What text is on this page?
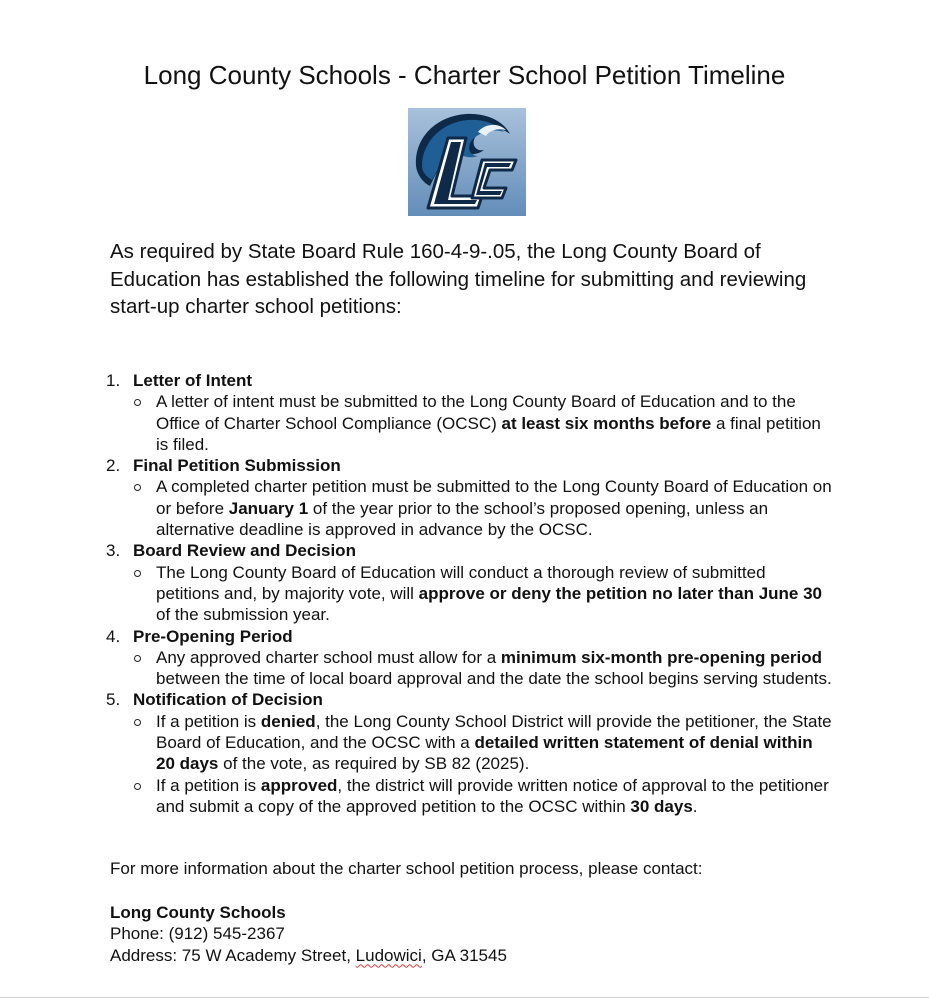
Long County Schools - Charter School Petition Timeline

As required by State Board Rule 160-4-9-.05, the Long County Board of Education has established the following timeline for submitting and reviewing start-up charter school petitions:

1. Letter of Intent
A letter of intent must be submitted to the Long County Board of Education and to the Office of Charter School Compliance (OCSC) at least six months before a final petition is filed.
2. Final Petition Submission
A completed charter petition must be submitted to the Long County Board of Education on or before January 1 of the year prior to the school’s proposed opening, unless an alternative deadline is approved in advance by the OCSC.
3. Board Review and Decision
The Long County Board of Education will conduct a thorough review of submitted petitions and, by majority vote, will approve or deny the petition no later than June 30 of the submission year.
4. Pre-Opening Period
Any approved charter school must allow for a minimum six-month pre-opening period between the time of local board approval and the date the school begins serving students.
5. Notification of Decision
If a petition is denied, the Long County School District will provide the petitioner, the State Board of Education, and the OCSC with a detailed written statement of denial within 20 days of the vote, as required by SB 82 (2025).
If a petition is approved, the district will provide written notice of approval to the petitioner and submit a copy of the approved petition to the OCSC within 30 days.

For more information about the charter school petition process, please contact:

Long County Schools
Phone: (912) 545-2367
Address: 75 W Academy Street, Ludowici, GA 31545
